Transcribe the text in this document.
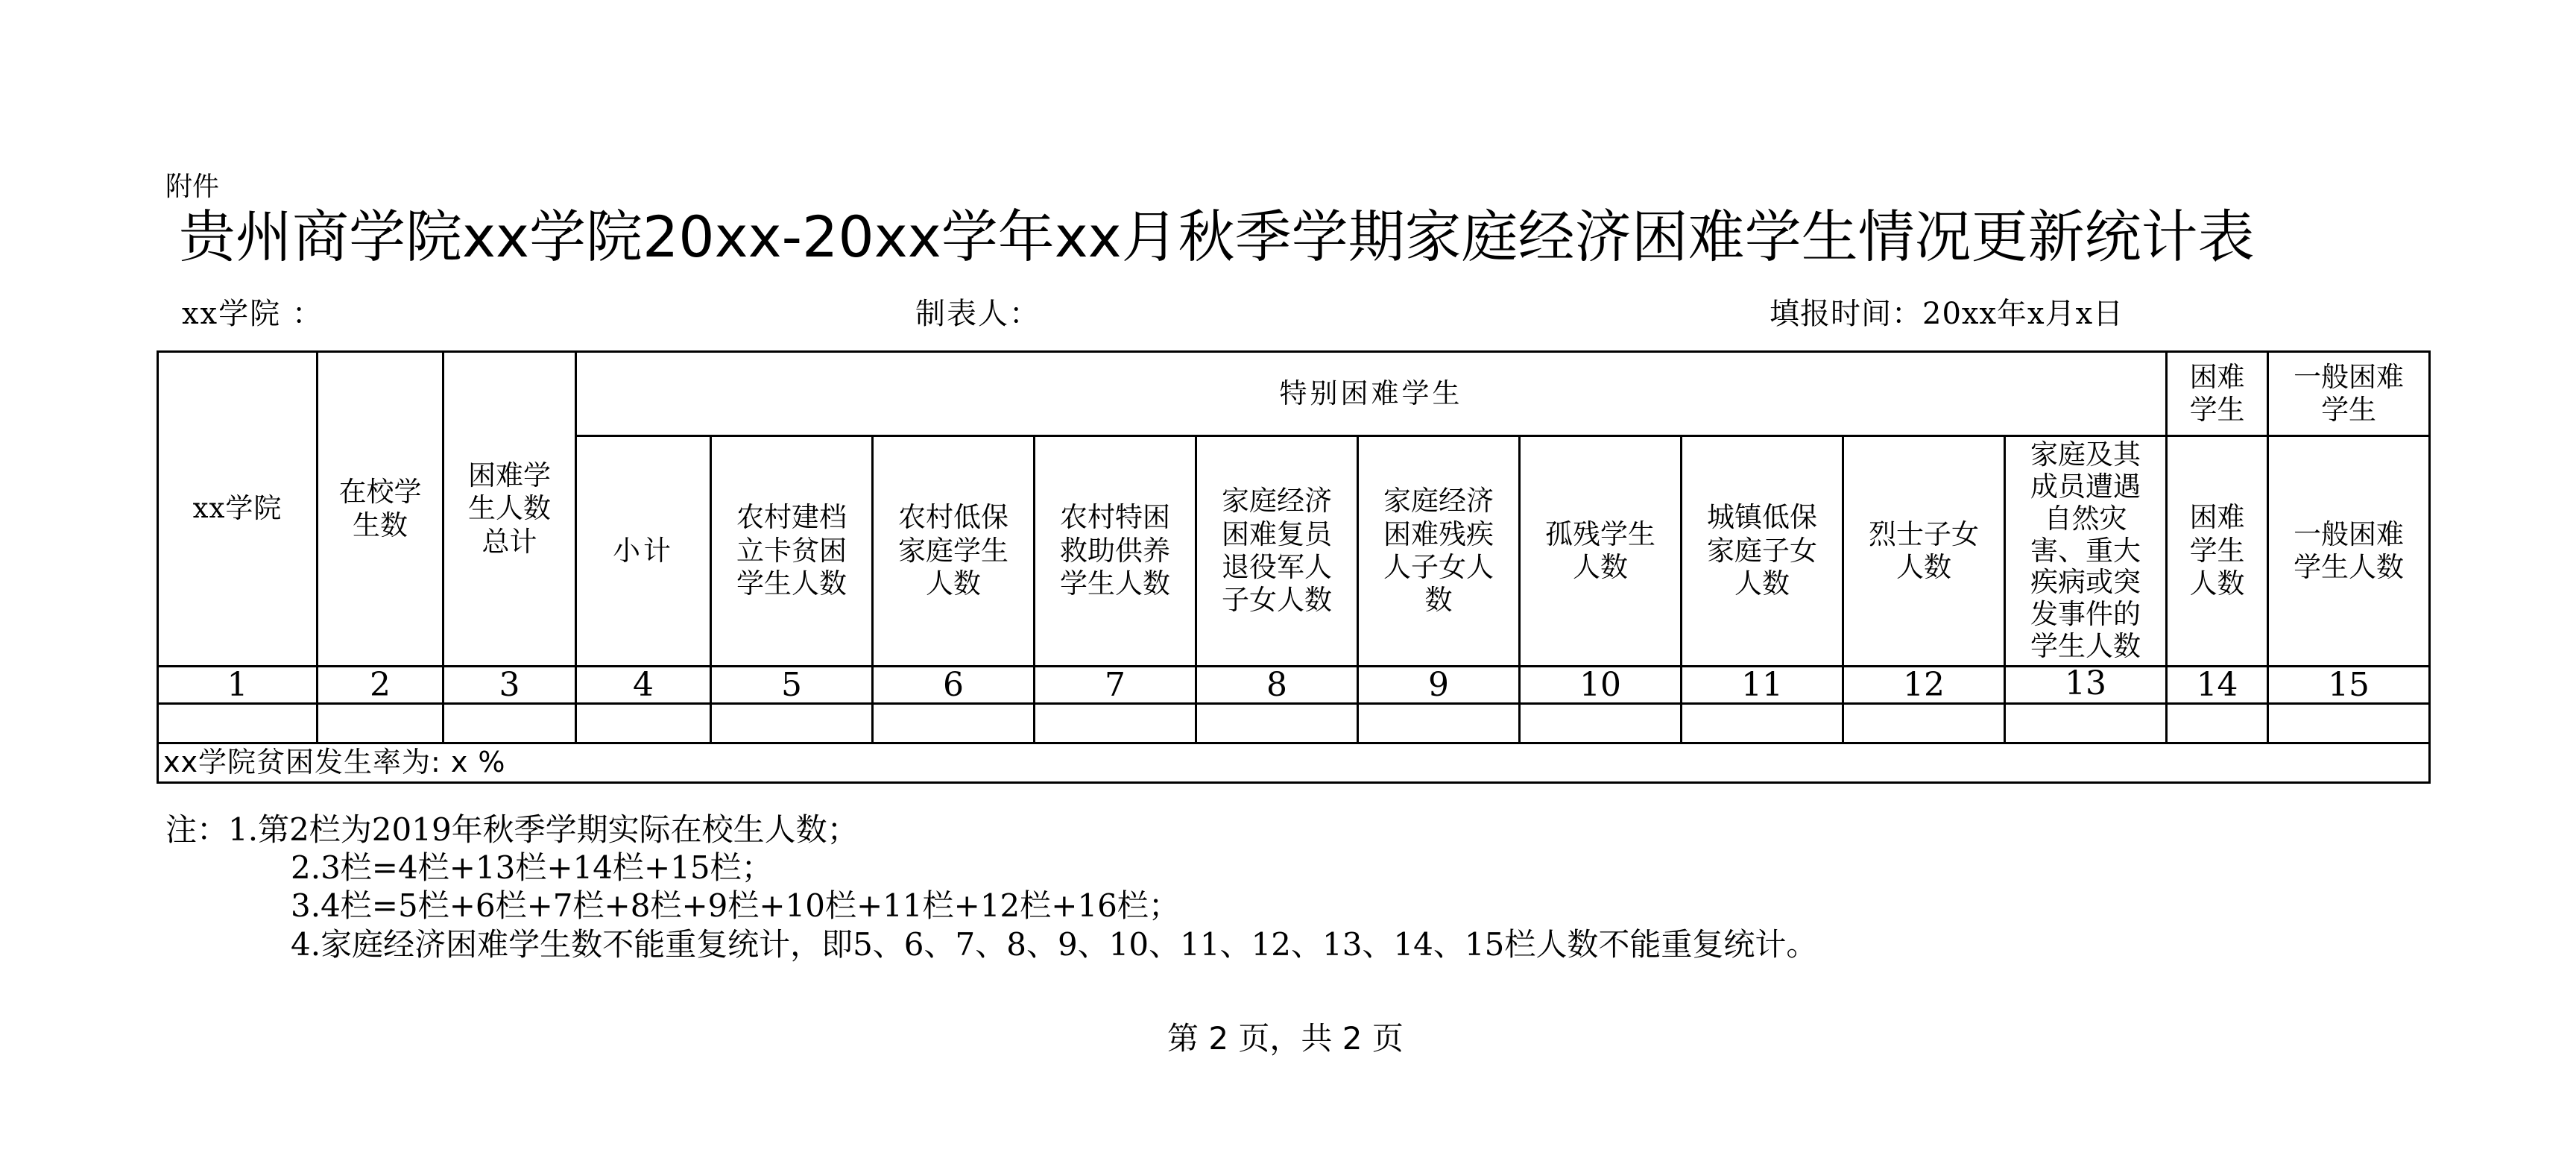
附件
贵州商学院xx学院20xx-20xx学年xx月秋季学期家庭经济困难学生情况更新统计表
xx学院 ：	制表人：	填报时间：20xx年x月x日
xx学院	在校学生数	困难学生人数总计	特别困难学生										困难学生	一般困难学生
			小计	农村建档立卡贫困学生人数	农村低保家庭学生人数	农村特困救助供养学生人数	家庭经济困难复员退役军人子女人数	家庭经济困难残疾人子女人数	孤残学生人数	城镇低保家庭子女人数	烈士子女人数	家庭及其成员遭遇自然灾害、重大疾病或突发事件的学生人数	困难学生人数	一般困难学生人数
1	2	3	4	5	6	7	8	9	10	11	12	13	14	15

xx学院贫困发生率为: x %														
注：1.第2栏为2019年秋季学期实际在校生人数；
2.3栏=4栏+13栏+14栏+15栏；
3.4栏=5栏+6栏+7栏+8栏+9栏+10栏+11栏+12栏+16栏；
4.家庭经济困难学生数不能重复统计，即5、6、7、8、9、10、11、12、13、14、15栏人数不能重复统计。
第 2 页，共 2 页
